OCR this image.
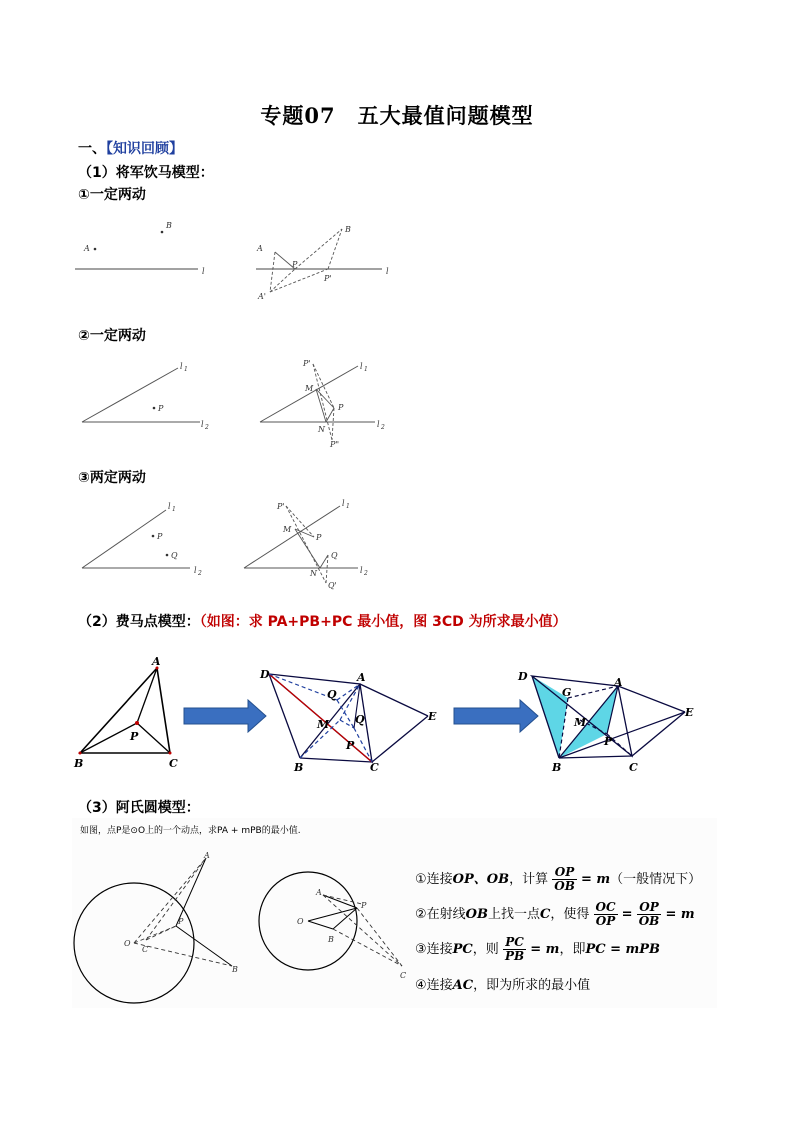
专题07　五大最值问题模型
一、【知识回顾】
（1）将军饮马模型：
①一定两动
A
B
l	l
A
B
P
P'
A'
②一定两动
l 1
l 2
P
l 1
l 2
P'
M
P
N
P"
③两定两动
l 1
l 2
P
Q
l 1
l 2
P'
M
P
Q
N
Q'
（2）费马点模型：（如图：求 PA+PB+PC 最小值，图 3CD 为所求最小值）
A
B	C
P
D	A
E
B	C
Q
Q
M
P
D
G
A
E
B	C
M
P
（3）阿氏圆模型：
如图，点P是⊙O上的一个动点，求PA + mPB的最小值.
O
C
P
A
B
O
A
P
B
C
①连接OP、OB，计算 $\frac{OP}{OB} = m$（一般情况下）
②在射线OB上找一点C，使得 $\frac{OC}{OP} = \frac{OP}{OB} = m$
③连接PC，则 $\frac{PC}{PB} = m$，即PC = mPB
④连接AC，即为所求的最小值
